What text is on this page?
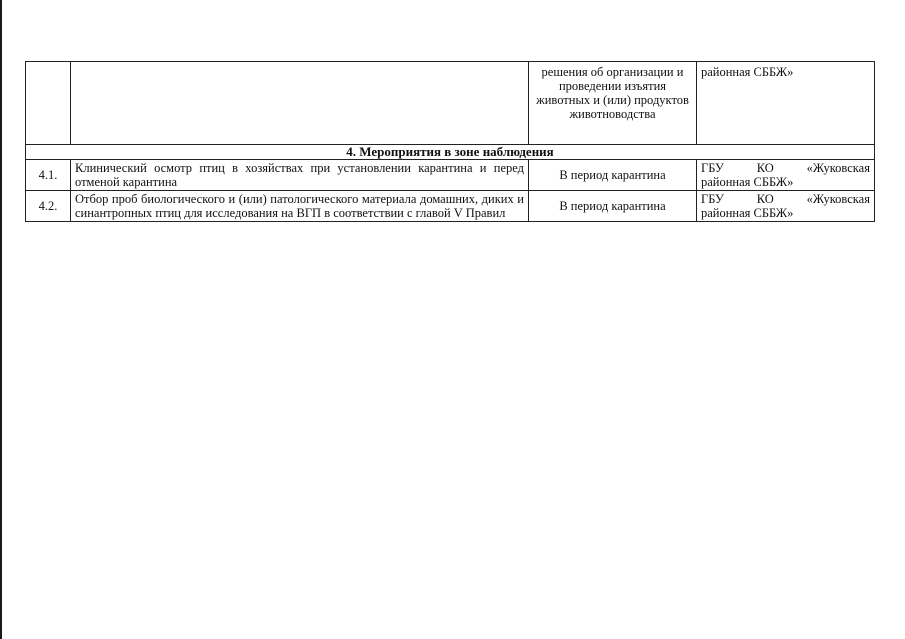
		решения об организации и проведении изъятия животных и (или) продуктов животноводства	районная СББЖ»
4. Мероприятия в зоне наблюдения			
4.1.	Клинический осмотр птиц в хозяйствах при установлении карантина и перед отменой карантина	В период карантина	ГБУ КО «Жуковская
районная СББЖ»

4.2.	Отбор проб биологического и (или) патологического материала домашних, диких и синантропных птиц для исследования на ВГП в соответствии с главой V Правил	В период карантина	ГБУ КО «Жуковская
районная СББЖ»
